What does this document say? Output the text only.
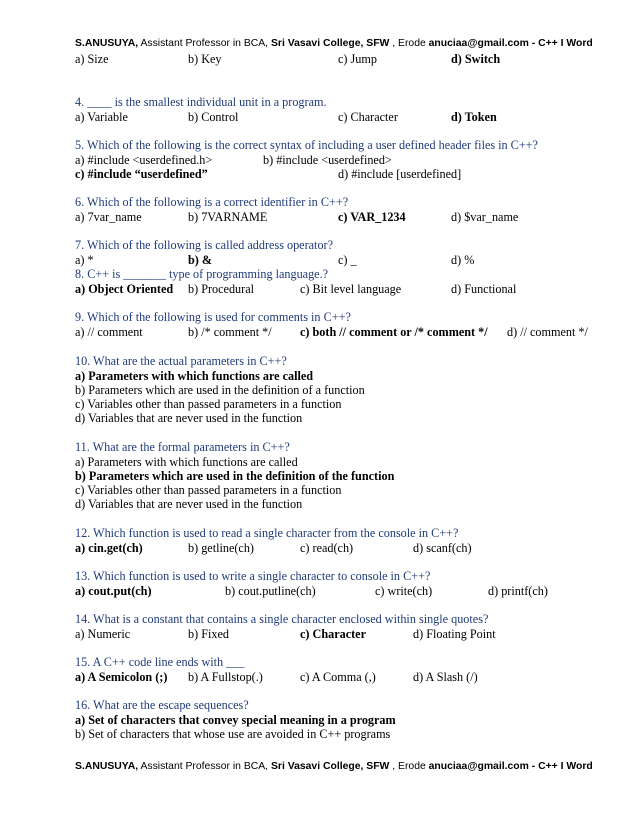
S.ANUSUYA, Assistant Professor in BCA, Sri Vasavi College, SFW , Erode anuciaa@gmail.com - C++ I Word
a) Size	b) Key	c) Jump	d) Switch
4. ____ is the smallest individual unit in a program.
a) Variable	b) Control	c) Character	d) Token
5. Which of the following is the correct syntax of including a user defined header files in C++?
a) #include <userdefined.h>	b) #include <userdefined>
c) #include “userdefined”	d) #include [userdefined]
6. Which of the following is a correct identifier in C++?
a) 7var_name	b) 7VARNAME	c) VAR_1234	d) $var_name
7. Which of the following is called address operator?
a) *	b) &	c) _	d) %
8. C++ is _______ type of programming language.?
a) Object Oriented b) Procedural	c) Bit level language	d) Functional
9. Which of the following is used for comments in C++?
a) // comment	b) /* comment */ c) both // comment or /* comment */ d) // comment */
10. What are the actual parameters in C++?
a) Parameters with which functions are called
b) Parameters which are used in the definition of a function
c) Variables other than passed parameters in a function
d) Variables that are never used in the function
11. What are the formal parameters in C++?
a) Parameters with which functions are called
b) Parameters which are used in the definition of the function
c) Variables other than passed parameters in a function
d) Variables that are never used in the function
12. Which function is used to read a single character from the console in C++?
a) cin.get(ch)	b) getline(ch)	c) read(ch)	d) scanf(ch)
13. Which function is used to write a single character to console in C++?
a) cout.put(ch)	b) cout.putline(ch)	c) write(ch)	d) printf(ch)
14. What is a constant that contains a single character enclosed within single quotes?
a) Numeric	b) Fixed	c) Character	d) Floating Point
15. A C++ code line ends with ___
a) A Semicolon (;) b) A Fullstop(.)	c) A Comma (,)	d) A Slash (/)
16. What are the escape sequences?
a) Set of characters that convey special meaning in a program
b) Set of characters that whose use are avoided in C++ programs
S.ANUSUYA, Assistant Professor in BCA, Sri Vasavi College, SFW , Erode anuciaa@gmail.com - C++ I Word
